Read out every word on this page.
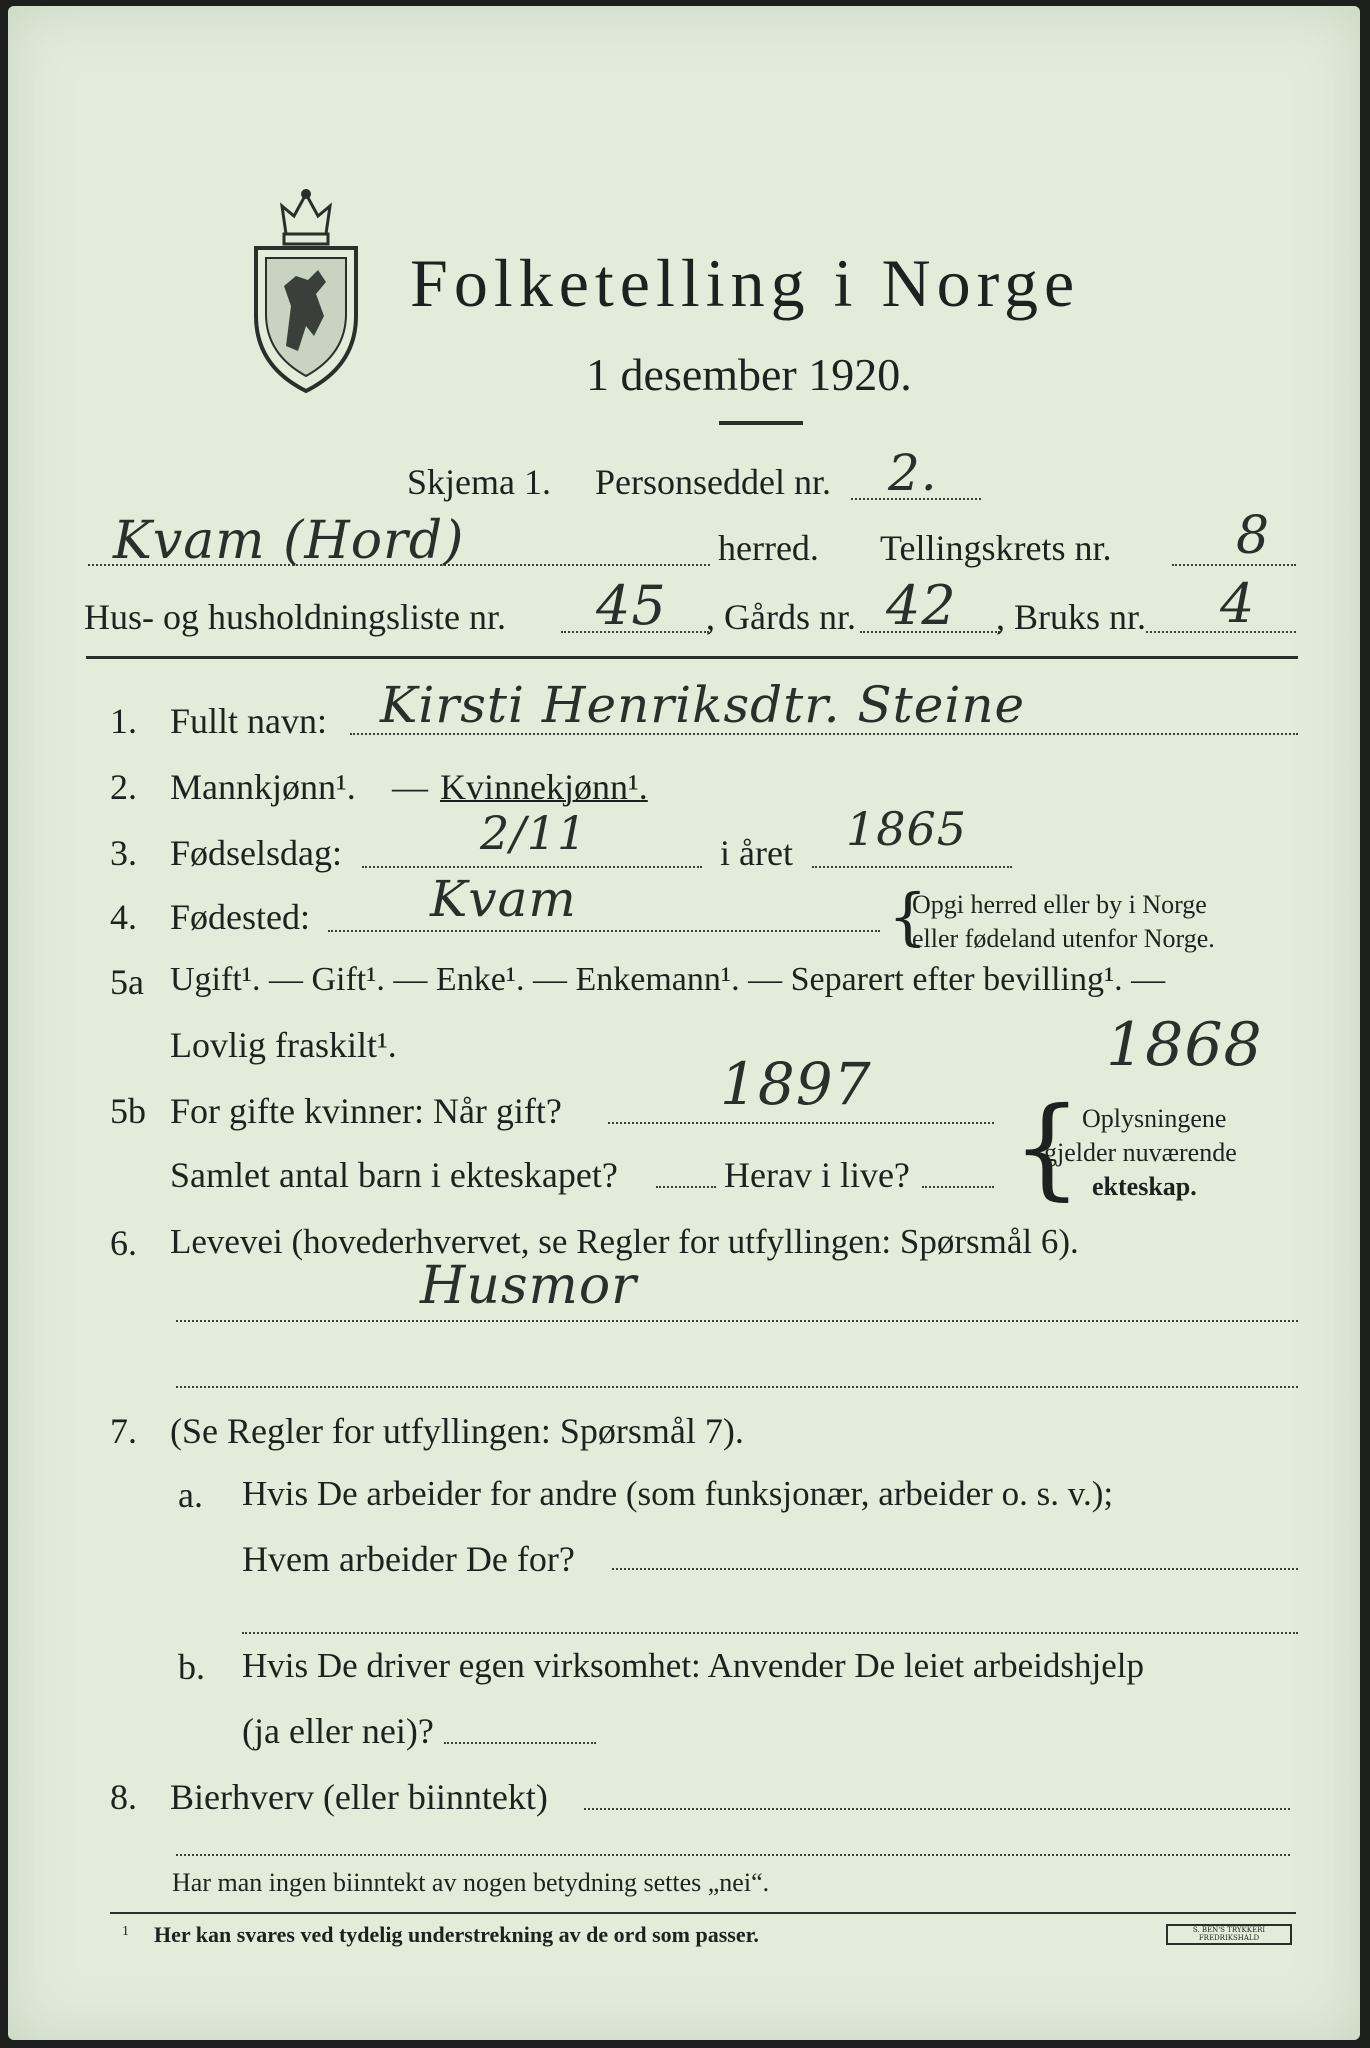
Folketelling i Norge
1 desember 1920.
Skjema 1. Personseddel nr. 2.
Kvam (Hord)	herred. Tellingskrets nr. 8
Hus- og husholdningsliste nr. 45 , Gårds nr. 42 , Bruks nr. 4
1. Fullt navn: Kirsti Henriksdtr. Steine
2. Mannkjønn¹. — Kvinnekjønn¹.
3. Fødselsdag:	2/11	i året 1865
4. Fødested: Kvam	{
Opgi herred eller by i Norge
eller fødeland utenfor Norge.
5a Ugift¹. — Gift¹. — Enke¹. — Enkemann¹. — Separert efter bevilling¹. —
Lovlig fraskilt¹.	1868
5b For gifte kvinner: Når gift?	1897
Samlet antal barn i ekteskapet?	Herav i live? { Oplysningene
gjelder nuværende
ekteskap.
6. Levevei (hovederhvervet, se Regler for utfyllingen: Spørsmål 6).
Husmor
7. (Se Regler for utfyllingen: Spørsmål 7).
a. Hvis De arbeider for andre (som funksjonær, arbeider o. s. v.);
Hvem arbeider De for?
b. Hvis De driver egen virksomhet: Anvender De leiet arbeidshjelp
(ja eller nei)?
8. Bierhverv (eller biinntekt)
Har man ingen biinntekt av nogen betydning settes „nei“.
1 Her kan svares ved tydelig understrekning av de ord som passer.	S. BEN'S TRYKKERI
FREDRIKSHALD
